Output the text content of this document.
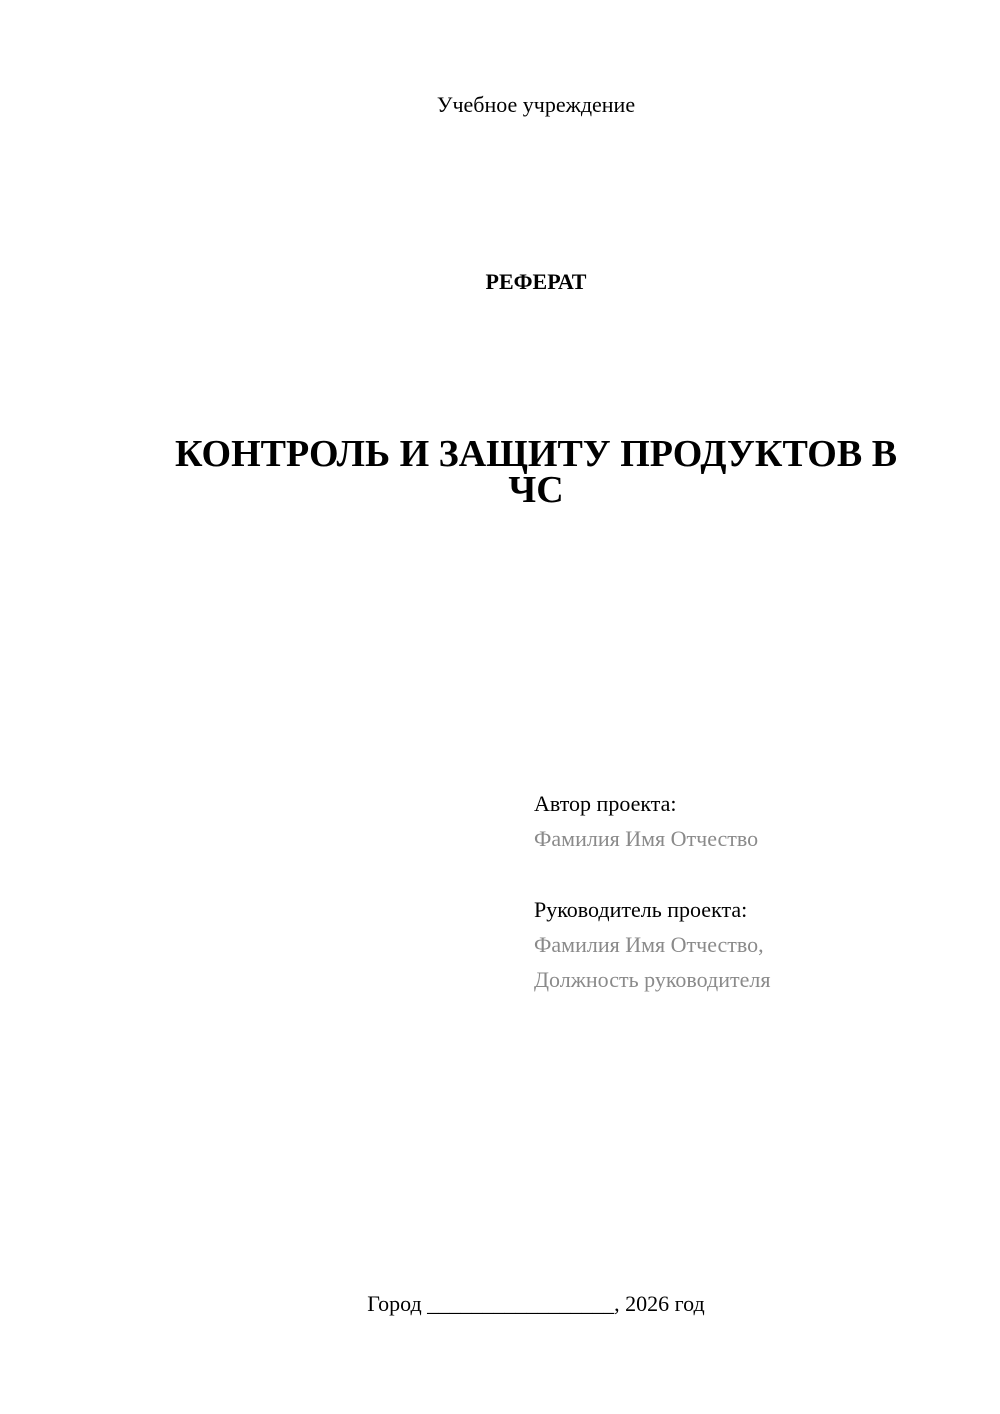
Учебное учреждение
РЕФЕРАТ
КОНТРОЛЬ И ЗАЩИТУ ПРОДУКТОВ В ЧС
Автор проекта:
Фамилия Имя Отчество
Руководитель проекта:
Фамилия Имя Отчество,
Должность руководителя
Город _________________, 2026 год
